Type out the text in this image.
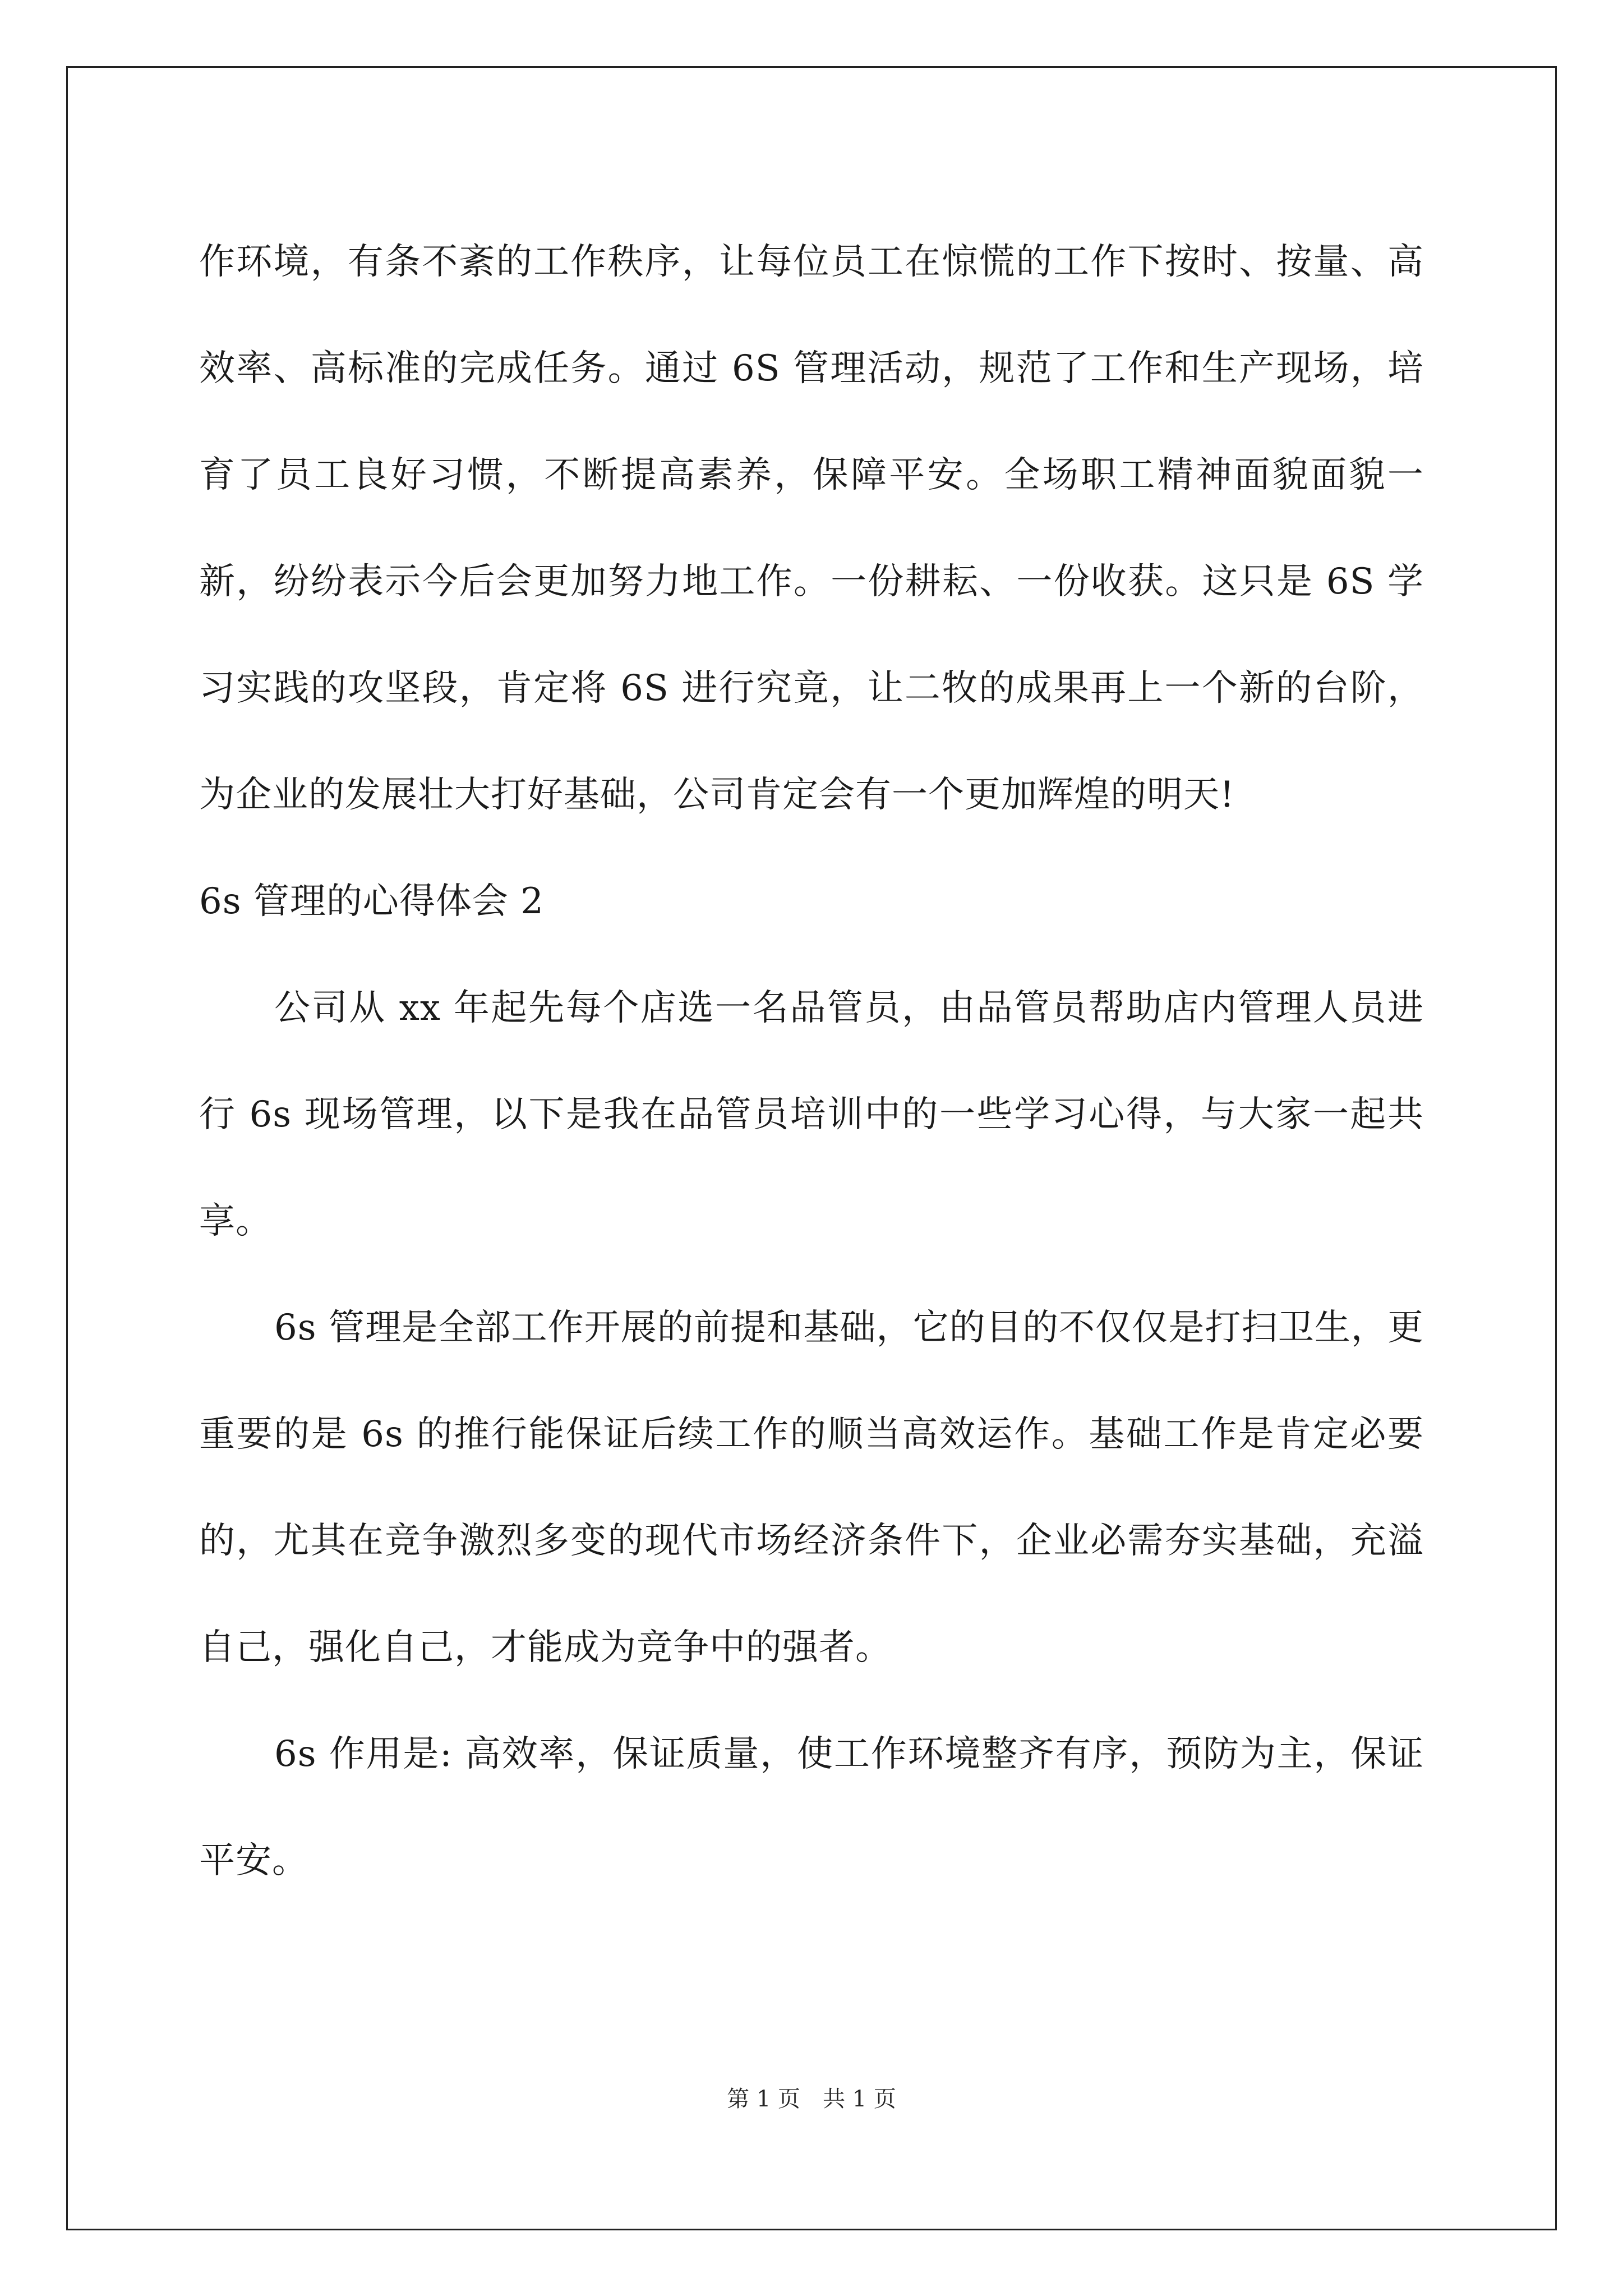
作环境，有条不紊的工作秩序，让每位员工在惊慌的工作下按时、按量、高效率、高标准的完成任务。通过 6S 管理活动，规范了工作和生产现场，培育了员工良好习惯，不断提高素养，保障平安。全场职工精神面貌面貌一新，纷纷表示今后会更加努力地工作。一份耕耘、一份收获。这只是 6S 学习实践的攻坚段，肯定将 6S 进行究竟，让二牧的成果再上一个新的台阶，为企业的发展壮大打好基础，公司肯定会有一个更加辉煌的明天!

6s 管理的心得体会 2

公司从 xx 年起先每个店选一名品管员，由品管员帮助店内管理人员进行 6s 现场管理，以下是我在品管员培训中的一些学习心得，与大家一起共享。

6s 管理是全部工作开展的前提和基础，它的目的不仅仅是打扫卫生，更重要的是 6s 的推行能保证后续工作的顺当高效运作。基础工作是肯定必要的，尤其在竞争激烈多变的现代市场经济条件下，企业必需夯实基础，充溢自己，强化自己，才能成为竞争中的强者。

6s 作用是: 高效率，保证质量，使工作环境整齐有序，预防为主，保证平安。

第 1 页　共 1 页
